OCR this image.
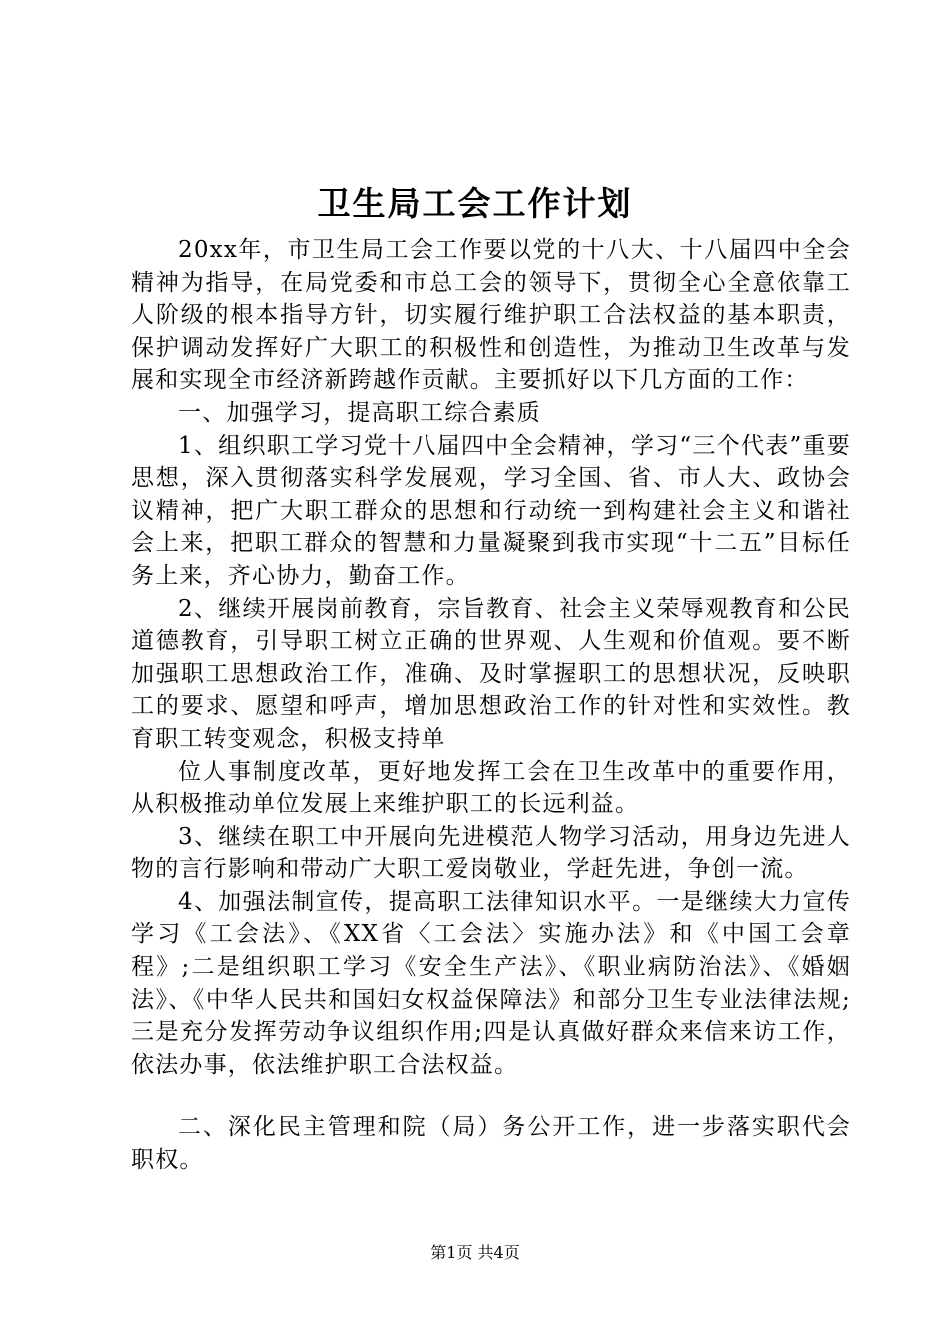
卫生局工会工作计划

20xx年，市卫生局工会工作要以党的十八大、十八届四中全会精神为指导，在局党委和市总工会的领导下，贯彻全心全意依靠工人阶级的根本指导方针，切实履行维护职工合法权益的基本职责，保护调动发挥好广大职工的积极性和创造性，为推动卫生改革与发展和实现全市经济新跨越作贡献。主要抓好以下几方面的工作：

一、加强学习，提高职工综合素质

1、组织职工学习党十八届四中全会精神，学习“三个代表”重要思想，深入贯彻落实科学发展观，学习全国、省、市人大、政协会议精神，把广大职工群众的思想和行动统一到构建社会主义和谐社会上来，把职工群众的智慧和力量凝聚到我市实现“十二五”目标任务上来，齐心协力，勤奋工作。

2、继续开展岗前教育，宗旨教育、社会主义荣辱观教育和公民道德教育，引导职工树立正确的世界观、人生观和价值观。要不断加强职工思想政治工作，准确、及时掌握职工的思想状况，反映职工的要求、愿望和呼声，增加思想政治工作的针对性和实效性。教育职工转变观念，积极支持单

位人事制度改革，更好地发挥工会在卫生改革中的重要作用，从积极推动单位发展上来维护职工的长远利益。

3、继续在职工中开展向先进模范人物学习活动，用身边先进人物的言行影响和带动广大职工爱岗敬业，学赶先进，争创一流。

4、加强法制宣传，提高职工法律知识水平。一是继续大力宣传学习《工会法》、《XX省〈工会法〉实施办法》和《中国工会章程》;二是组织职工学习《安全生产法》、《职业病防治法》、《婚姻法》、《中华人民共和国妇女权益保障法》和部分卫生专业法律法规;三是充分发挥劳动争议组织作用;四是认真做好群众来信来访工作，依法办事，依法维护职工合法权益。

二、深化民主管理和院（局）务公开工作，进一步落实职代会职权。

第1页 共4页
